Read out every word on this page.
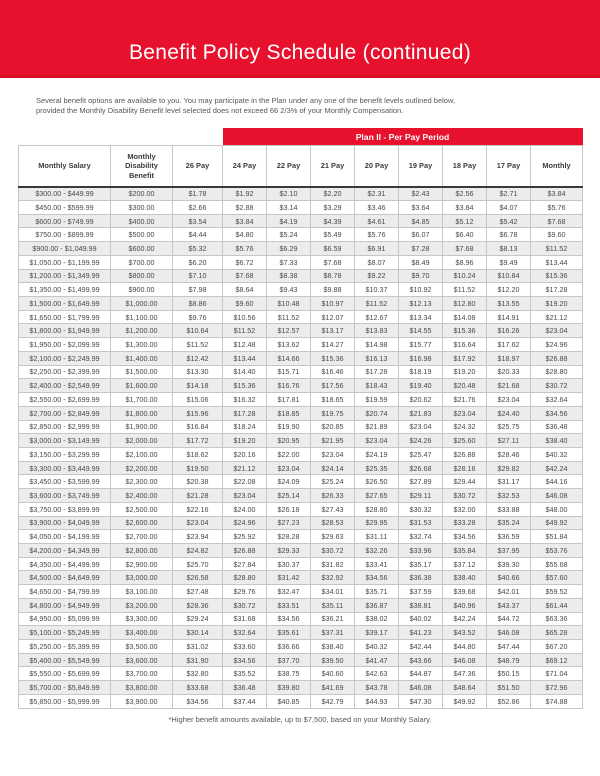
Benefit Policy Schedule (continued)
Several benefit options are available to you. You may participate in the Plan under any one of the benefit levels outlined below,
provided the Monthly Disability Benefit level selected does not exceed 66 2/3% of your Monthly Compensation.
			Plan II - Per Pay Period							
Monthly Salary	Monthly Disability Benefit	26 Pay	24 Pay	22 Pay	21 Pay	20 Pay	19 Pay	18 Pay	17 Pay	Monthly
$300.00 - $449.99	$200.00	$1.78	$1.92	$2.10	$2.20	$2.31	$2.43	$2.56	$2.71	$3.84
$450.00 - $599.99	$300.00	$2.66	$2.88	$3.14	$3.29	$3.46	$3.64	$3.84	$4.07	$5.76
$600.00 - $749.99	$400.00	$3.54	$3.84	$4.19	$4.39	$4.61	$4.85	$5.12	$5.42	$7.68
$750.00 - $899.99	$500.00	$4.44	$4.80	$5.24	$5.49	$5.76	$6.07	$6.40	$6.78	$9.60
$900.00 - $1,049.99	$600.00	$5.32	$5.76	$6.29	$6.59	$6.91	$7.28	$7.68	$8.13	$11.52
$1,050.00 - $1,199.99	$700.00	$6.20	$6.72	$7.33	$7.68	$8.07	$8.49	$8.96	$9.49	$13.44
$1,200.00 - $1,349.99	$800.00	$7.10	$7.68	$8.38	$8.78	$9.22	$9.70	$10.24	$10.84	$15.36
$1,350.00 - $1,499.99	$900.00	$7.98	$8.64	$9.43	$9.88	$10.37	$10.92	$11.52	$12.20	$17.28
$1,500.00 - $1,649.99	$1,000.00	$8.86	$9.60	$10.48	$10.97	$11.52	$12.13	$12.80	$13.55	$19.20
$1,650.00 - $1,799.99	$1,100.00	$9.76	$10.56	$11.52	$12.07	$12.67	$13.34	$14.08	$14.91	$21.12
$1,800.00 - $1,949.99	$1,200.00	$10.64	$11.52	$12.57	$13.17	$13.83	$14.55	$15.36	$16.26	$23.04
$1,950.00 - $2,099.99	$1,300.00	$11.52	$12.48	$13.62	$14.27	$14.98	$15.77	$16.64	$17.62	$24.96
$2,100.00 - $2,249.99	$1,400.00	$12.42	$13.44	$14.66	$15.36	$16.13	$16.98	$17.92	$18.97	$26.88
$2,250.00 - $2,399.99	$1,500.00	$13.30	$14.40	$15.71	$16.46	$17.28	$18.19	$19.20	$20.33	$28.80
$2,400.00 - $2,549.99	$1,600.00	$14.18	$15.36	$16.76	$17.56	$18.43	$19.40	$20.48	$21.68	$30.72
$2,550.00 - $2,699.99	$1,700.00	$15.06	$16.32	$17.81	$18.65	$19.59	$20.62	$21.76	$23.04	$32.64
$2,700.00 - $2,849.99	$1,800.00	$15.96	$17.28	$18.85	$19.75	$20.74	$21.83	$23.04	$24.40	$34.56
$2,850.00 - $2,999.99	$1,900.00	$16.84	$18.24	$19.90	$20.85	$21.89	$23.04	$24.32	$25.75	$36.48
$3,000.00 - $3,149.99	$2,000.00	$17.72	$19.20	$20.95	$21.95	$23.04	$24.26	$25.60	$27.11	$38.40
$3,150.00 - $3,299.99	$2,100.00	$18.62	$20.16	$22.00	$23.04	$24.19	$25.47	$26.88	$28.46	$40.32
$3,300.00 - $3,449.99	$2,200.00	$19.50	$21.12	$23.04	$24.14	$25.35	$26.68	$28.16	$29.82	$42.24
$3,450.00 - $3,599.99	$2,300.00	$20.38	$22.08	$24.09	$25.24	$26.50	$27.89	$29.44	$31.17	$44.16
$3,600.00 - $3,749.99	$2,400.00	$21.28	$23.04	$25.14	$26.33	$27.65	$29.11	$30.72	$32.53	$46.08
$3,750.00 - $3,899.99	$2,500.00	$22.16	$24.00	$26.18	$27.43	$28.80	$30.32	$32.00	$33.88	$48.00
$3,900.00 - $4,049.99	$2,600.00	$23.04	$24.96	$27.23	$28.53	$29.95	$31.53	$33.28	$35.24	$49.92
$4,050.00 - $4,199.99	$2,700.00	$23.94	$25.92	$28.28	$29.63	$31.11	$32.74	$34.56	$36.59	$51.84
$4,200.00 - $4,349.99	$2,800.00	$24.82	$26.88	$29.33	$30.72	$32.26	$33.96	$35.84	$37.95	$53.76
$4,350.00 - $4,499.99	$2,900.00	$25.70	$27.84	$30.37	$31.82	$33.41	$35.17	$37.12	$39.30	$55.68
$4,500.00 - $4,649.99	$3,000.00	$26.58	$28.80	$31.42	$32.92	$34.56	$36.38	$38.40	$40.66	$57.60
$4,650.00 - $4,799.99	$3,100.00	$27.48	$29.76	$32.47	$34.01	$35.71	$37.59	$39.68	$42.01	$59.52
$4,800.00 - $4,949.99	$3,200.00	$28.36	$30.72	$33.51	$35.11	$36.87	$38.81	$40.96	$43.37	$61.44
$4,950.00 - $5,099.99	$3,300.00	$29.24	$31.68	$34.56	$36.21	$38.02	$40.02	$42.24	$44.72	$63.36
$5,100.00 - $5,249.99	$3,400.00	$30.14	$32.64	$35.61	$37.31	$39.17	$41.23	$43.52	$46.08	$65.28
$5,250.00 - $5,399.99	$3,500.00	$31.02	$33.60	$36.66	$38.40	$40.32	$42.44	$44.80	$47.44	$67.20
$5,400.00 - $5,549.99	$3,600.00	$31.90	$34.56	$37.70	$39.50	$41.47	$43.66	$46.08	$48.79	$69.12
$5,550.00 - $5,699.99	$3,700.00	$32.80	$35.52	$38.75	$40.60	$42.63	$44.87	$47.36	$50.15	$71.04
$5,700.00 - $5,849.99	$3,800.00	$33.68	$36.48	$39.80	$41.69	$43.78	$46.08	$48.64	$51.50	$72.96
$5,850.00 - $5,999.99	$3,900.00	$34.56	$37.44	$40.85	$42.79	$44.93	$47.30	$49.92	$52.86	$74.88
*Higher benefit amounts available, up to $7,500, based on your Monthly Salary.
